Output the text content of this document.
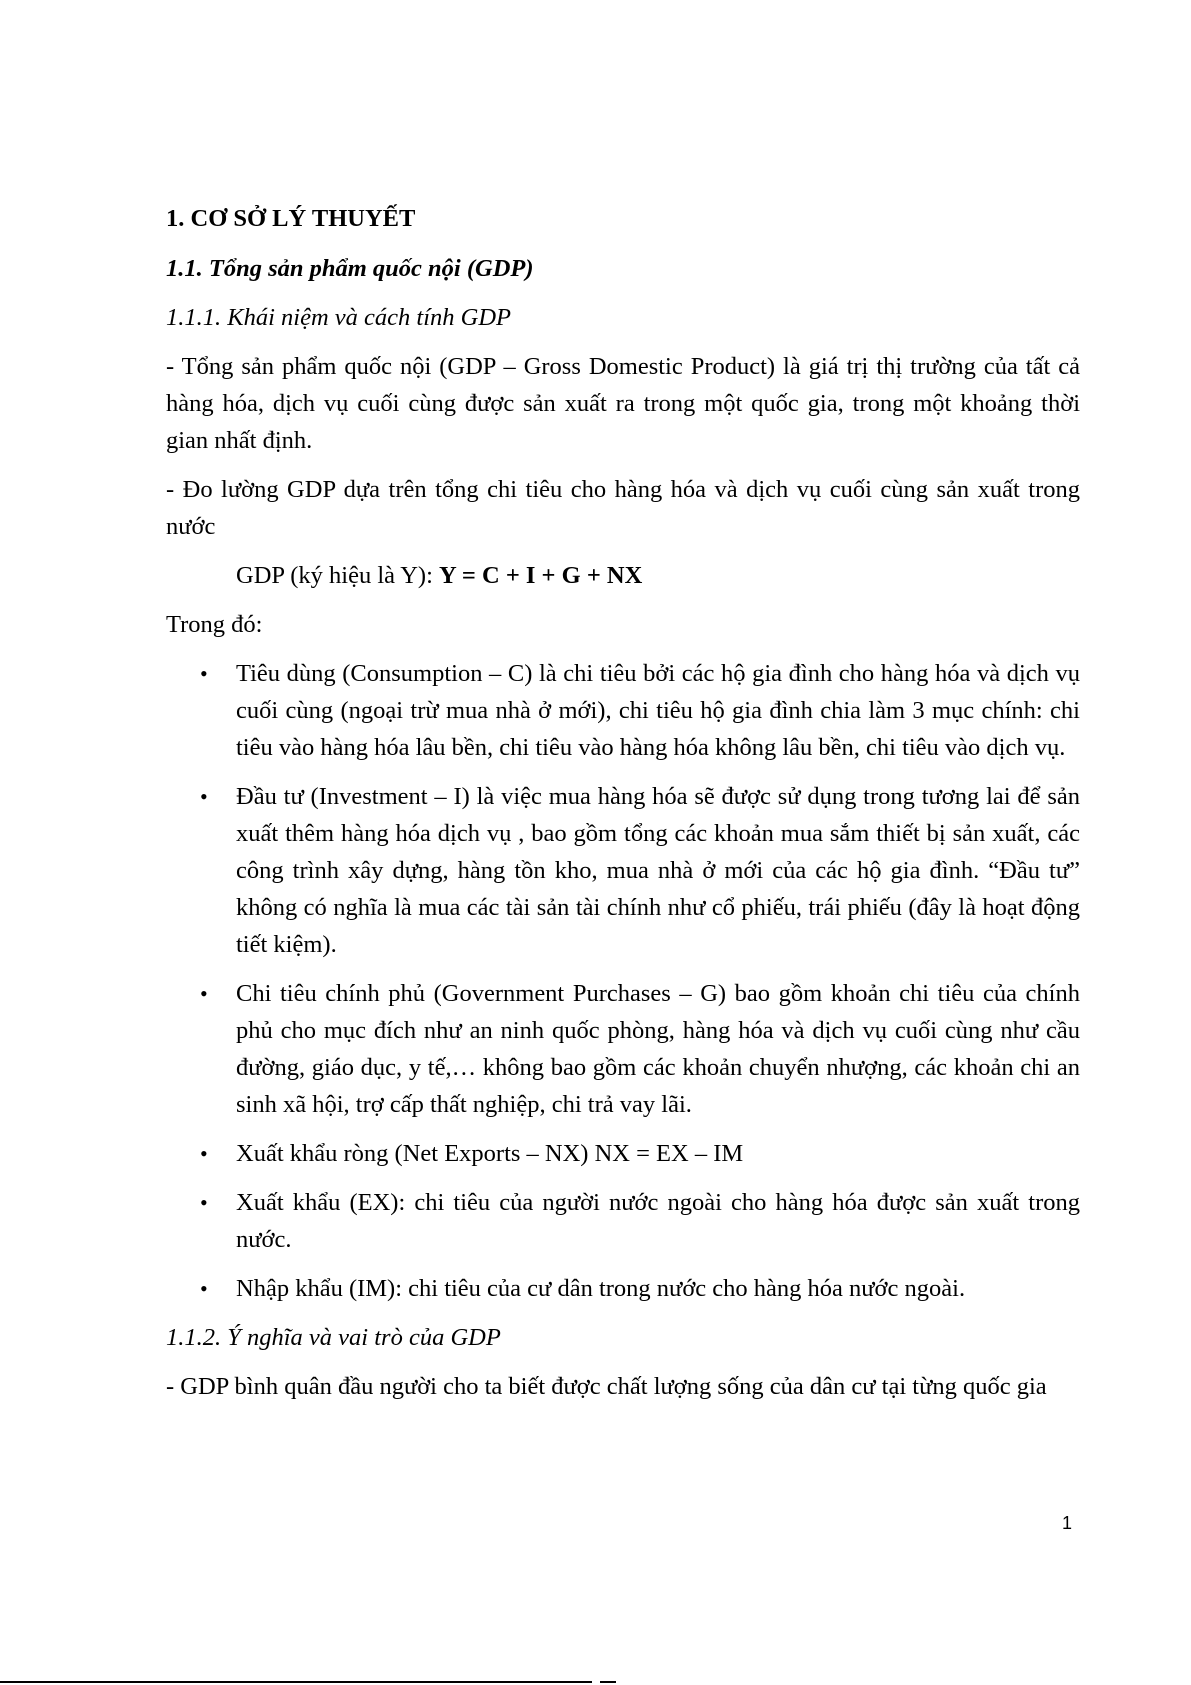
1. CƠ SỞ LÝ THUYẾT
1.1. Tổng sản phẩm quốc nội (GDP)
1.1.1. Khái niệm và cách tính GDP
- Tổng sản phẩm quốc nội (GDP – Gross Domestic Product) là giá trị thị trường của tất cả hàng hóa, dịch vụ cuối cùng được sản xuất ra trong một quốc gia, trong một khoảng thời gian nhất định.
- Đo lường GDP dựa trên tổng chi tiêu cho hàng hóa và dịch vụ cuối cùng sản xuất trong nước
GDP (ký hiệu là Y): Y = C + I + G + NX
Trong đó:
• Tiêu dùng (Consumption – C) là chi tiêu bởi các hộ gia đình cho hàng hóa và dịch vụ cuối cùng (ngoại trừ mua nhà ở mới), chi tiêu hộ gia đình chia làm 3 mục chính: chi tiêu vào hàng hóa lâu bền, chi tiêu vào hàng hóa không lâu bền, chi tiêu vào dịch vụ.
• Đầu tư (Investment – I) là việc mua hàng hóa sẽ được sử dụng trong tương lai để sản xuất thêm hàng hóa dịch vụ , bao gồm tổng các khoản mua sắm thiết bị sản xuất, các công trình xây dựng, hàng tồn kho, mua nhà ở mới của các hộ gia đình. “Đầu tư” không có nghĩa là mua các tài sản tài chính như cổ phiếu, trái phiếu (đây là hoạt động tiết kiệm).
• Chi tiêu chính phủ (Government Purchases – G) bao gồm khoản chi tiêu của chính phủ cho mục đích như an ninh quốc phòng, hàng hóa và dịch vụ cuối cùng như cầu đường, giáo dục, y tế,… không bao gồm các khoản chuyển nhượng, các khoản chi an sinh xã hội, trợ cấp thất nghiệp, chi trả vay lãi.
• Xuất khẩu ròng (Net Exports – NX) NX = EX – IM
• Xuất khẩu (EX): chi tiêu của người nước ngoài cho hàng hóa được sản xuất trong nước.
• Nhập khẩu (IM): chi tiêu của cư dân trong nước cho hàng hóa nước ngoài.
1.1.2. Ý nghĩa và vai trò của GDP
- GDP bình quân đầu người cho ta biết được chất lượng sống của dân cư tại từng quốc gia
1
